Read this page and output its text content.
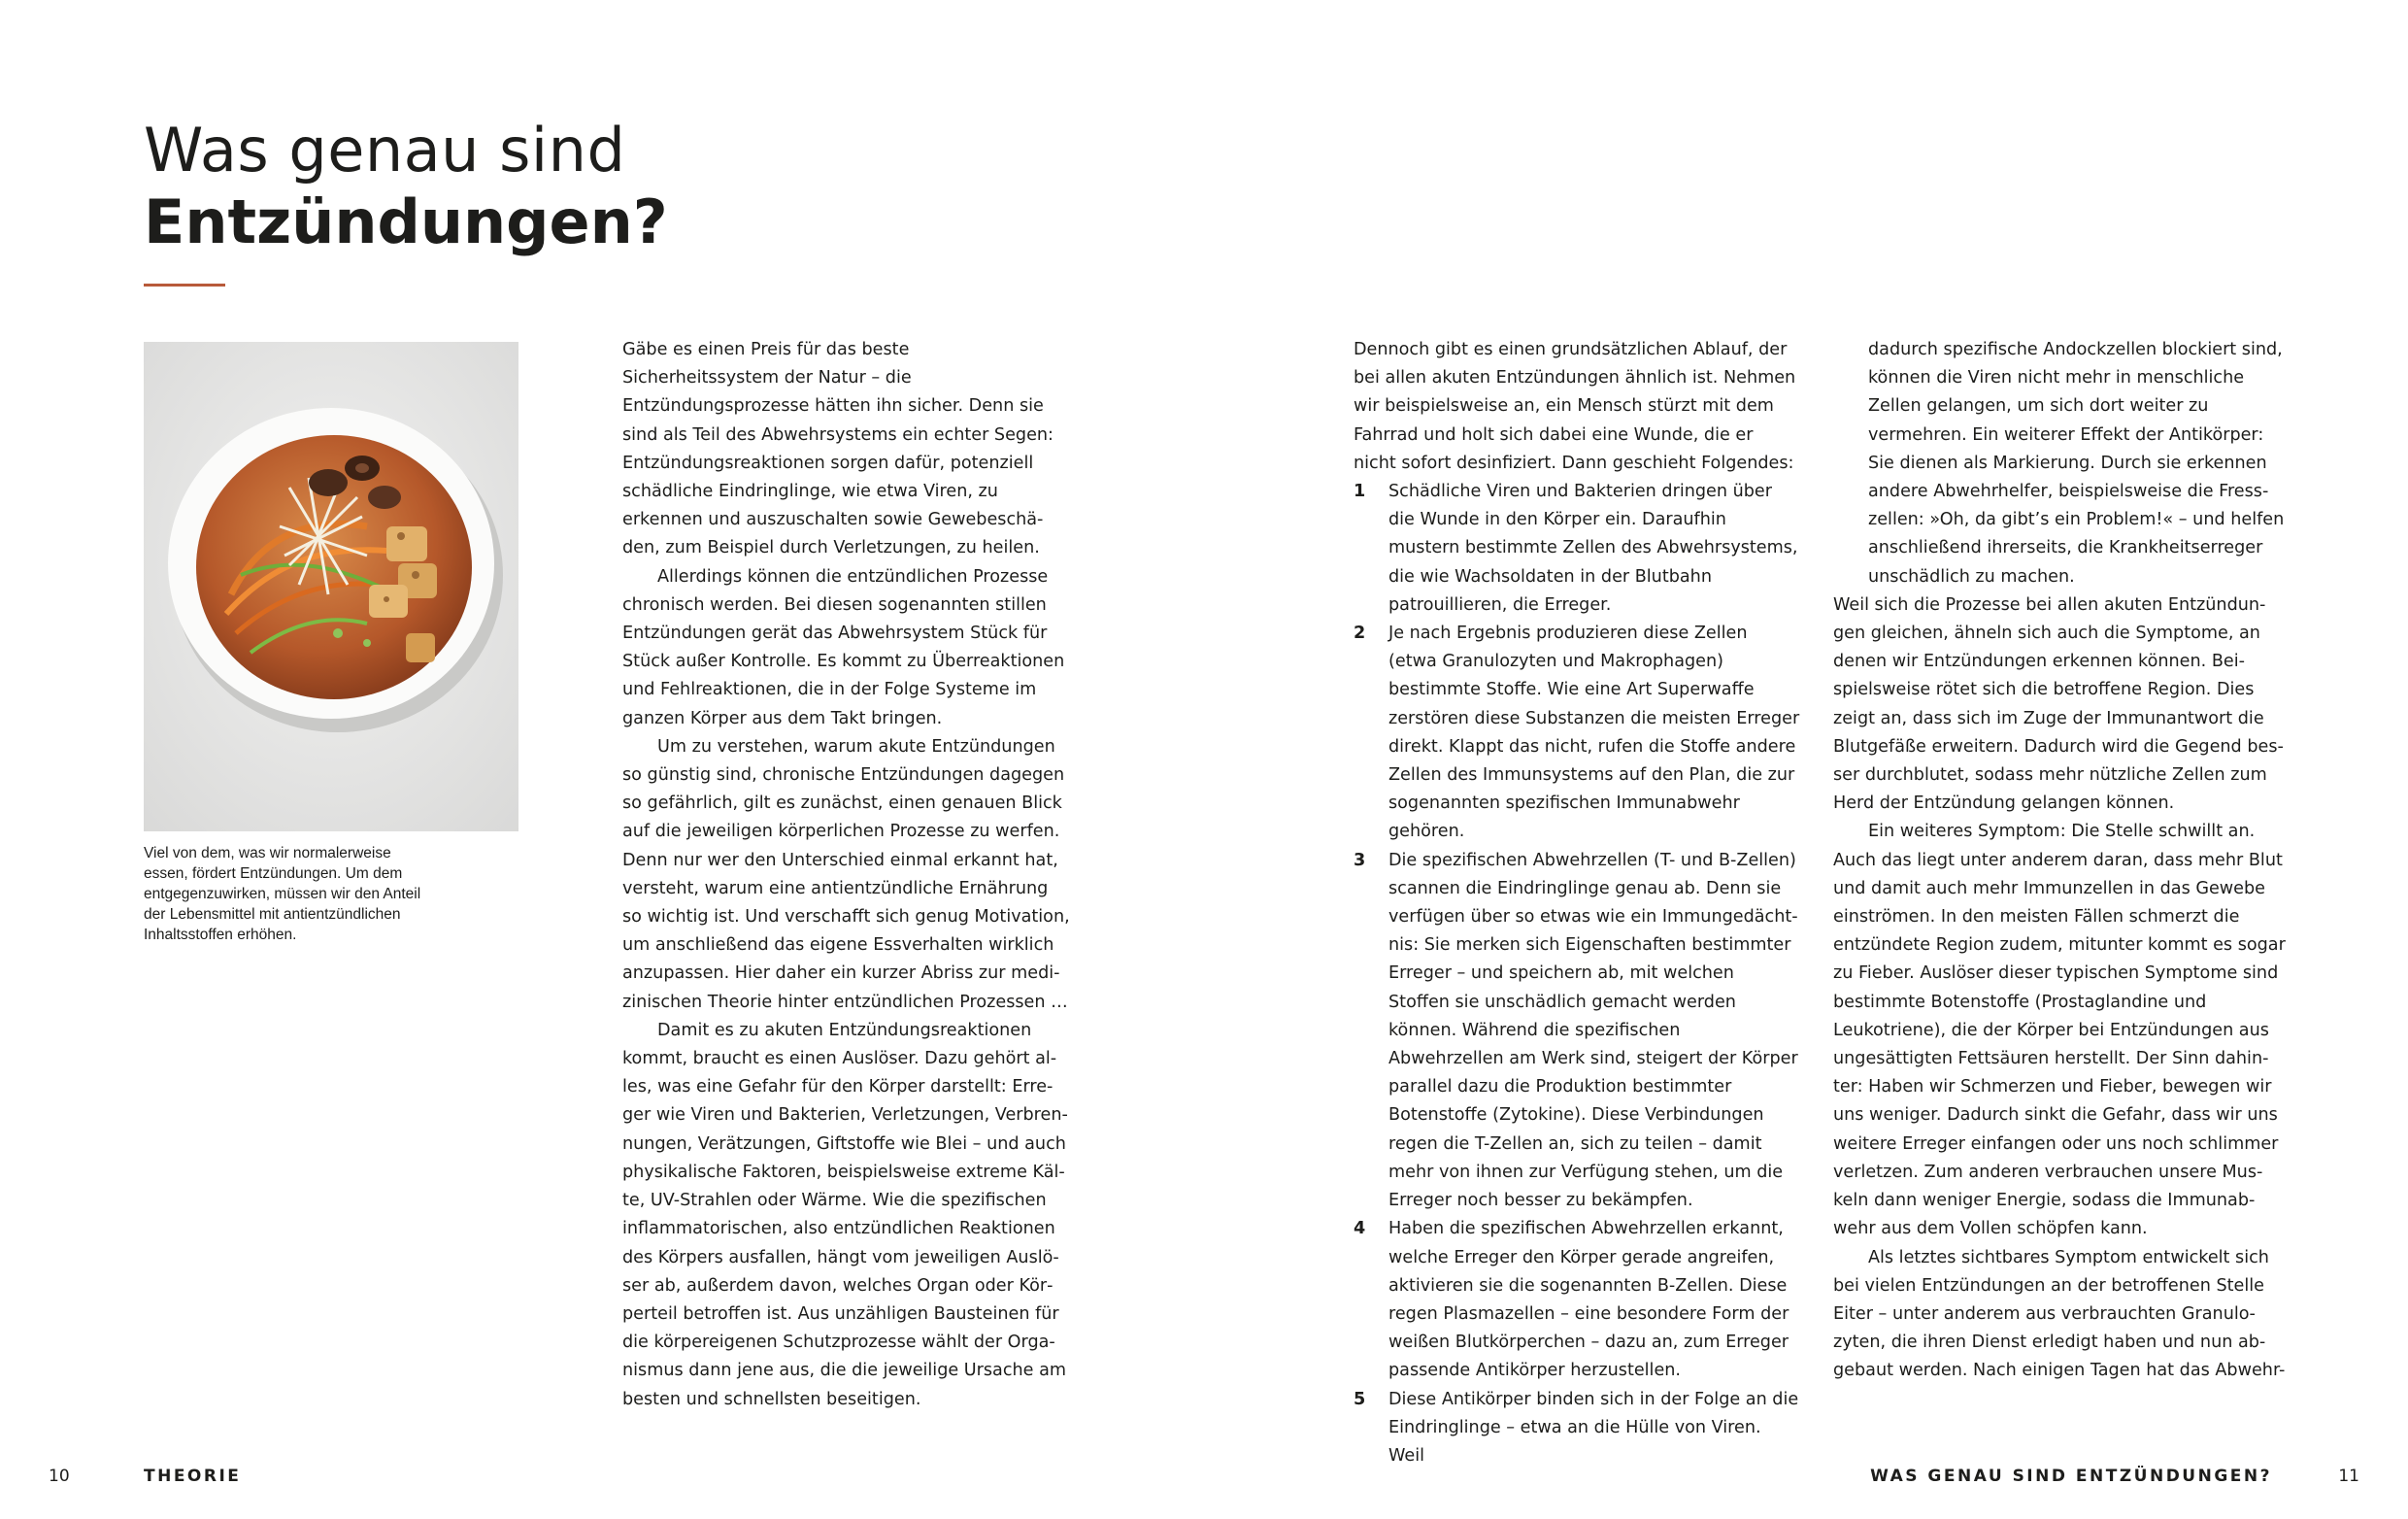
Was genau sind
Entzündungen?
Viel von dem, was wir normalerweise essen, fördert Entzündungen. Um dem entgegenzuwirken, müssen wir den Anteil der Lebensmittel mit antientzündlichen Inhaltsstoffen erhöhen.

Gäbe es einen Preis für das beste Sicherheitssystem der Natur – die Entzündungsprozesse hätten ihn sicher. Denn sie sind als Teil des Abwehrsystems ein echter Segen: Entzündungsreaktionen sorgen dafür, potenziell schädliche Eindringlinge, wie etwa Viren, zu erkennen und auszuschalten sowie Gewebeschäden, zum Beispiel durch Verletzungen, zu heilen.

Allerdings können die entzündlichen Prozesse chronisch werden. Bei diesen sogenannten stillen Entzündungen gerät das Abwehrsystem Stück für Stück außer Kontrolle. Es kommt zu Überreaktionen und Fehlreaktionen, die in der Folge Systeme im ganzen Körper aus dem Takt bringen.

Um zu verstehen, warum akute Entzündungen so günstig sind, chronische Entzündungen dagegen so gefährlich, gilt es zunächst, einen genauen Blick auf die jeweiligen körperlichen Prozesse zu werfen. Denn nur wer den Unterschied einmal erkannt hat, versteht, warum eine antientzündliche Ernährung so wichtig ist. Und verschafft sich genug Motivation, um anschließend das eigene Essverhalten wirklich anzupassen. Hier daher ein kurzer Abriss zur medizinischen Theorie hinter entzündlichen Prozessen …

Damit es zu akuten Entzündungsreaktionen kommt, braucht es einen Auslöser. Dazu gehört alles, was eine Gefahr für den Körper darstellt: Erreger wie Viren und Bakterien, Verletzungen, Verbrennungen, Verätzungen, Giftstoffe wie Blei – und auch physikalische Faktoren, beispielsweise extreme Kälte, UV-Strahlen oder Wärme. Wie die spezifischen inflammatorischen, also entzündlichen Reaktionen des Körpers ausfallen, hängt vom jeweiligen Auslöser ab, außerdem davon, welches Organ oder Körperteil betroffen ist. Aus unzähligen Bausteinen für die körpereigenen Schutzprozesse wählt der Organismus dann jene aus, die die jeweilige Ursache am besten und schnellsten beseitigen.

10	THEORIE

Dennoch gibt es einen grundsätzlichen Ablauf, der bei allen akuten Entzündungen ähnlich ist. Nehmen wir beispielsweise an, ein Mensch stürzt mit dem Fahrrad und holt sich dabei eine Wunde, die er nicht sofort desinfiziert. Dann geschieht Folgendes:

1 Schädliche Viren und Bakterien dringen über die Wunde in den Körper ein. Daraufhin mustern bestimmte Zellen des Abwehrsystems, die wie Wachsoldaten in der Blutbahn patrouillieren, die Erreger.
2 Je nach Ergebnis produzieren diese Zellen (etwa Granulozyten und Makrophagen) bestimmte Stoffe. Wie eine Art Superwaffe zerstören diese Substanzen die meisten Erreger direkt. Klappt das nicht, rufen die Stoffe andere Zellen des Immunsystems auf den Plan, die zur sogenannten spezifischen Immunabwehr gehören.
3 Die spezifischen Abwehrzellen (T- und B-Zellen) scannen die Eindringlinge genau ab. Denn sie verfügen über so etwas wie ein Immungedächtnis: Sie merken sich Eigenschaften bestimmter Erreger – und speichern ab, mit welchen Stoffen sie unschädlich gemacht werden können. Während die spezifischen Abwehrzellen am Werk sind, steigert der Körper parallel dazu die Produktion bestimmter Botenstoffe (Zytokine). Diese Verbindungen regen die T-Zellen an, sich zu teilen – damit mehr von ihnen zur Verfügung stehen, um die Erreger noch besser zu bekämpfen.
4 Haben die spezifischen Abwehrzellen erkannt, welche Erreger den Körper gerade angreifen, aktivieren sie die sogenannten B-Zellen. Diese regen Plasmazellen – eine besondere Form der weißen Blutkörperchen – dazu an, zum Erreger passende Antikörper herzustellen.
5 Diese Antikörper binden sich in der Folge an die Eindringlinge – etwa an die Hülle von Viren. Weil

dadurch spezifische Andockzellen blockiert sind, können die Viren nicht mehr in menschliche Zellen gelangen, um sich dort weiter zu vermehren. Ein weiterer Effekt der Antikörper: Sie dienen als Markierung. Durch sie erkennen andere Abwehrhelfer, beispielsweise die Fresszellen: »Oh, da gibt’s ein Problem!« – und helfen anschließend ihrerseits, die Krankheitserreger unschädlich zu machen.

Weil sich die Prozesse bei allen akuten Entzündungen gleichen, ähneln sich auch die Symptome, an denen wir Entzündungen erkennen können. Beispielsweise rötet sich die betroffene Region. Dies zeigt an, dass sich im Zuge der Immunantwort die Blutgefäße erweitern. Dadurch wird die Gegend besser durchblutet, sodass mehr nützliche Zellen zum Herd der Entzündung gelangen können.

Ein weiteres Symptom: Die Stelle schwillt an. Auch das liegt unter anderem daran, dass mehr Blut und damit auch mehr Immunzellen in das Gewebe einströmen. In den meisten Fällen schmerzt die entzündete Region zudem, mitunter kommt es sogar zu Fieber. Auslöser dieser typischen Symptome sind bestimmte Botenstoffe (Prostaglandine und Leukotriene), die der Körper bei Entzündungen aus ungesättigten Fettsäuren herstellt. Der Sinn dahinter: Haben wir Schmerzen und Fieber, bewegen wir uns weniger. Dadurch sinkt die Gefahr, dass wir uns weitere Erreger einfangen oder uns noch schlimmer verletzen. Zum anderen verbrauchen unsere Muskeln dann weniger Energie, sodass die Immunabwehr aus dem Vollen schöpfen kann.

Als letztes sichtbares Symptom entwickelt sich bei vielen Entzündungen an der betroffenen Stelle Eiter – unter anderem aus verbrauchten Granulozyten, die ihren Dienst erledigt haben und nun abgebaut werden. Nach einigen Tagen hat das Abwehr-

WAS GENAU SIND ENTZÜNDUNGEN?	11
